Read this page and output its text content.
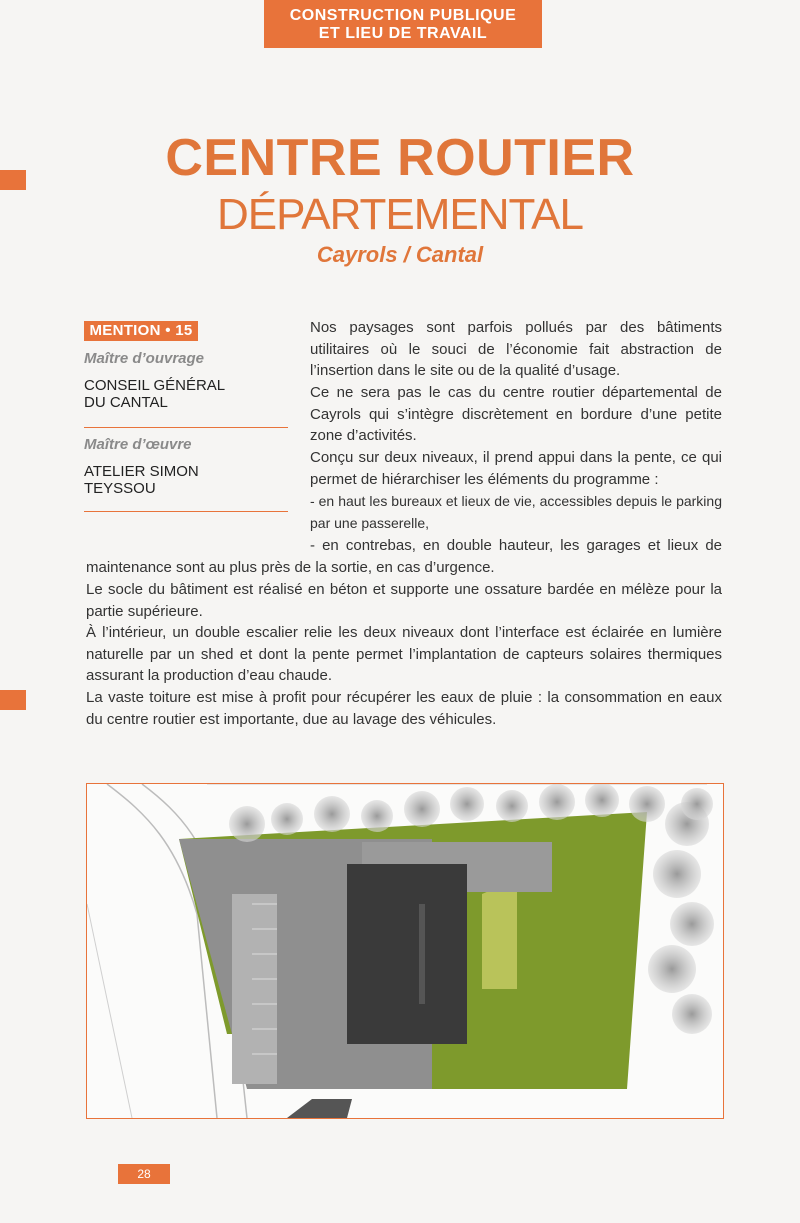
CONSTRUCTION PUBLIQUE
ET LIEU DE TRAVAIL
CENTRE ROUTIER
DÉPARTEMENTAL
Cayrols / Cantal
MENTION • 15
Maître d’ouvrage
CONSEIL GÉNÉRAL
DU CANTAL
Maître d’œuvre
ATELIER SIMON
TEYSSOU

Nos paysages sont parfois pollués par des bâtiments utilitaires où le souci de l’économie fait abstraction de l’insertion dans le site ou de la qualité d’usage.

Ce ne sera pas le cas du centre routier départemental de Cayrols qui s’intègre discrètement en bordure d’une petite zone d’activités.

Conçu sur deux niveaux, il prend appui dans la pente, ce qui permet de hiérarchiser les éléments du programme :

- en haut les bureaux et lieux de vie, accessibles depuis le parking par une passerelle,

- en contrebas, en double hauteur, les garages et lieux de

maintenance sont au plus près de la sortie, en cas d’urgence.

Le socle du bâtiment est réalisé en béton et supporte une ossature bardée en mélèze pour la partie supérieure.

À l’intérieur, un double escalier relie les deux niveaux dont l’interface est éclairée en lumière naturelle par un shed et dont la pente permet l’implantation de capteurs solaires thermiques assurant la production d’eau chaude.

La vaste toiture est mise à profit pour récupérer les eaux de pluie : la consommation en eaux du centre routier est importante, due au lavage des véhicules.

28
